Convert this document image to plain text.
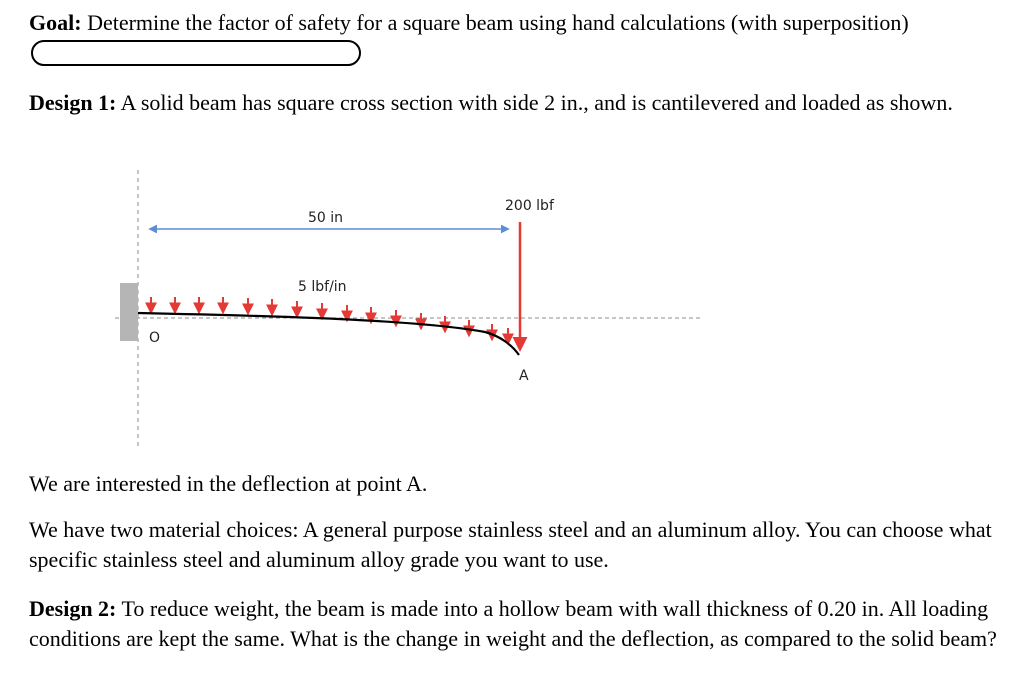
Goal: Determine the factor of safety for a square beam using hand calculations (with superposition)

Design 1: A solid beam has square cross section with side 2 in., and is cantilevered and loaded as shown.

50 in
5 lbf/in
200 lbf
O
A

We are interested in the deflection at point A.

We have two material choices: A general purpose stainless steel and an aluminum alloy. You can choose what specific stainless steel and aluminum alloy grade you want to use.

Design 2: To reduce weight, the beam is made into a hollow beam with wall thickness of 0.20 in. All loading conditions are kept the same. What is the change in weight and the deflection, as compared to the solid beam?
